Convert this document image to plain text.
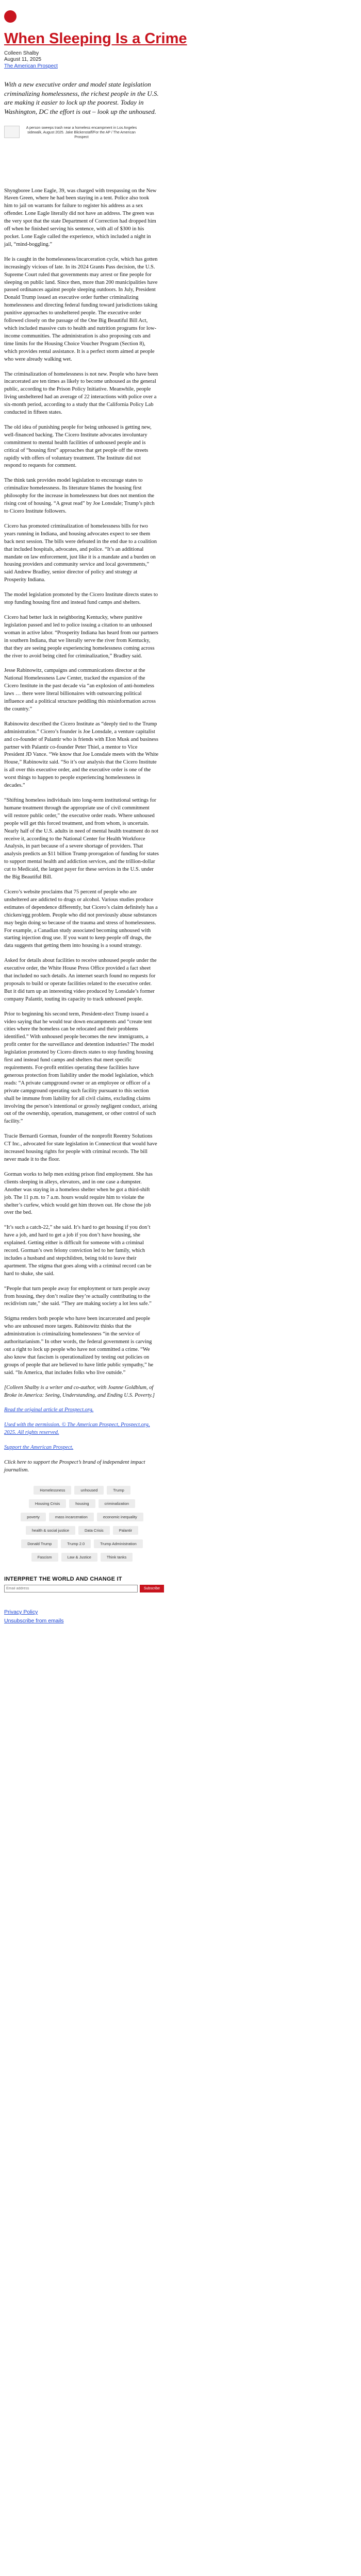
When Sleeping Is a Crime
Colleen Shalby
August 11, 2025
The American Prospect
With a new executive order and model state legislation criminalizing homelessness, the richest people in the U.S. are making it easier to lock up the poorest. Today in Washington, DC the effort is out – look up the unhoused.
A person sweeps trash near a homeless encampment in Los Angeles sidewalk, August 2025. Jake Blickenstaff/For the AP / The American Prospect

Shyngboree Lone Eagle, 39, was charged with trespassing on the New Haven Green, where he had been staying in a tent. Police also took him to jail on warrants for failure to register his address as a sex offender. Lone Eagle literally did not have an address. The green was the very spot that the state Department of Correction had dropped him off when he finished serving his sentence, with all of $300 in his pocket. Lone Eagle called the experience, which included a night in jail, “mind-boggling.”

He is caught in the homelessness/incarceration cycle, which has gotten increasingly vicious of late. In its 2024 Grants Pass decision, the U.S. Supreme Court ruled that governments may arrest or fine people for sleeping on public land. Since then, more than 200 municipalities have passed ordinances against people sleeping outdoors. In July, President Donald Trump issued an executive order further criminalizing homelessness and directing federal funding toward jurisdictions taking punitive approaches to unsheltered people. The executive order followed closely on the passage of the One Big Beautiful Bill Act, which included massive cuts to health and nutrition programs for low-income communities. The administration is also proposing cuts and time limits for the Housing Choice Voucher Program (Section 8), which provides rental assistance. It is a perfect storm aimed at people who were already walking wet.

The criminalization of homelessness is not new. People who have been incarcerated are ten times as likely to become unhoused as the general public, according to the Prison Policy Initiative. Meanwhile, people living unsheltered had an average of 22 interactions with police over a six-month period, according to a study that the California Policy Lab conducted in fifteen states.

The old idea of punishing people for being unhoused is getting new, well-financed backing. The Cicero Institute advocates involuntary commitment to mental health facilities of unhoused people and is critical of “housing first” approaches that get people off the streets rapidly with offers of voluntary treatment. The Institute did not respond to requests for comment.

The think tank provides model legislation to encourage states to criminalize homelessness. Its literature blames the housing first philosophy for the increase in homelessness but does not mention the rising cost of housing. “A great read” by Joe Lonsdale; Trump’s pitch to Cicero Institute followers.

Cicero has promoted criminalization of homelessness bills for two years running in Indiana, and housing advocates expect to see them back next session. The bills were defeated in the end due to a coalition that included hospitals, advocates, and police. “It’s an additional mandate on law enforcement, just like it is a mandate and a burden on housing providers and community service and local governments,” said Andrew Bradley, senior director of policy and strategy at Prosperity Indiana.

The model legislation promoted by the Cicero Institute directs states to stop funding housing first and instead fund camps and shelters.

Cicero had better luck in neighboring Kentucky, where punitive legislation passed and led to police issuing a citation to an unhoused woman in active labor. “Prosperity Indiana has heard from our partners in southern Indiana, that we literally serve the river from Kentucky, that they are seeing people experiencing homelessness coming across the river to avoid being cited for criminalization,” Bradley said.

Jesse Rabinowitz, campaigns and communications director at the National Homelessness Law Center, tracked the expansion of the Cicero Institute in the past decade via “an explosion of anti-homeless laws … there were literal billionaires with outsourcing political influence and a political structure peddling this misinformation across the country.”

Rabinowitz described the Cicero Institute as “deeply tied to the Trump administration.” Cicero’s founder is Joe Lonsdale, a venture capitalist and co-founder of Palantir who is friends with Elon Musk and business partner with Palantir co-founder Peter Thiel, a mentor to Vice President JD Vance. “We know that Joe Lonsdale meets with the White House,” Rabinowitz said. “So it’s our analysis that the Cicero Institute is all over this executive order, and the executive order is one of the worst things to happen to people experiencing homelessness in decades.”

“Shifting homeless individuals into long-term institutional settings for humane treatment through the appropriate use of civil commitment will restore public order,” the executive order reads. Where unhoused people will get this forced treatment, and from whom, is uncertain. Nearly half of the U.S. adults in need of mental health treatment do not receive it, according to the National Center for Health Workforce Analysis, in part because of a severe shortage of providers. That analysis predicts an $11 billion Trump prorogation of funding for states to support mental health and addiction services, and the trillion-dollar cut to Medicaid, the largest payer for these services in the U.S. under the Big Beautiful Bill.

Cicero’s website proclaims that 75 percent of people who are unsheltered are addicted to drugs or alcohol. Various studies produce estimates of dependence differently, but Cicero’s claim definitely has a chicken/egg problem. People who did not previously abuse substances may begin doing so because of the trauma and stress of homelessness. For example, a Canadian study associated becoming unhoused with starting injection drug use. If you want to keep people off drugs, the data suggests that getting them into housing is a sound strategy.

Asked for details about facilities to receive unhoused people under the executive order, the White House Press Office provided a fact sheet that included no such details. An internet search found no requests for proposals to build or operate facilities related to the executive order. But it did turn up an interesting video produced by Lonsdale’s former company Palantir, touting its capacity to track unhoused people.

Prior to beginning his second term, President-elect Trump issued a video saying that he would tear down encampments and “create tent cities where the homeless can be relocated and their problems identified.” With unhoused people becomes the new immigrants, a profit center for the surveillance and detention industries? The model legislation promoted by Cicero directs states to stop funding housing first and instead fund camps and shelters that meet specific requirements. For-profit entities operating these facilities have generous protection from liability under the model legislation, which reads: “A private campground owner or an employee or officer of a private campground operating such facility pursuant to this section shall be immune from liability for all civil claims, excluding claims involving the person’s intentional or grossly negligent conduct, arising out of the ownership, operation, management, or other control of such facility.”

Tracie Bernardi Gorman, founder of the nonprofit Reentry Solutions CT Inc., advocated for state legislation in Connecticut that would have increased housing rights for people with criminal records. The bill never made it to the floor.

Gorman works to help men exiting prison find employment. She has clients sleeping in alleys, elevators, and in one case a dumpster. Another was staying in a homeless shelter when he got a third-shift job. The 11 p.m. to 7 a.m. hours would require him to violate the shelter’s curfew, which would get him thrown out. He chose the job over the bed.

“It’s such a catch-22,” she said. It’s hard to get housing if you don’t have a job, and hard to get a job if you don’t have housing, she explained. Getting either is difficult for someone with a criminal record. Gorman’s own felony conviction led to her family, which includes a husband and stepchildren, being told to leave their apartment. The stigma that goes along with a criminal record can be hard to shake, she said.

“People that turn people away for employment or turn people away from housing, they don’t realize they’re actually contributing to the recidivism rate,” she said. “They are making society a lot less safe.”

Stigma renders both people who have been incarcerated and people who are unhoused more targets. Rabinowitz thinks that the administration is criminalizing homelessness “in the service of authoritarianism.” In other words, the federal government is carving out a right to lock up people who have not committed a crime. “We also know that fascism is operationalized by testing out policies on groups of people that are believed to have little public sympathy,” he said. “In America, that includes folks who live outside.”

[Colleen Shalby is a writer and co-author, with Joanne Goldblum, of Broke in America: Seeing, Understanding, and Ending U.S. Poverty.]

Read the original article at Prospect.org.

Used with the permission. © The American Prospect, Prospect.org, 2025. All rights reserved.

Support the American Prospect.

Click here to support the Prospect’s brand of independent impact journalism.

Homelessness	unhoused	Trump
Housing Crisis	housing	criminalization
poverty	mass incarceration	economic inequality
health & social justice	Data Crisis	Palantir
Donald Trump	Trump 2.0	Trump Administration
Fascism	Law & Justice	Think tanks
INTERPRET THE WORLD AND CHANGE IT
Email address
Subscribe
Privacy Policy
Unsubscribe from emails
